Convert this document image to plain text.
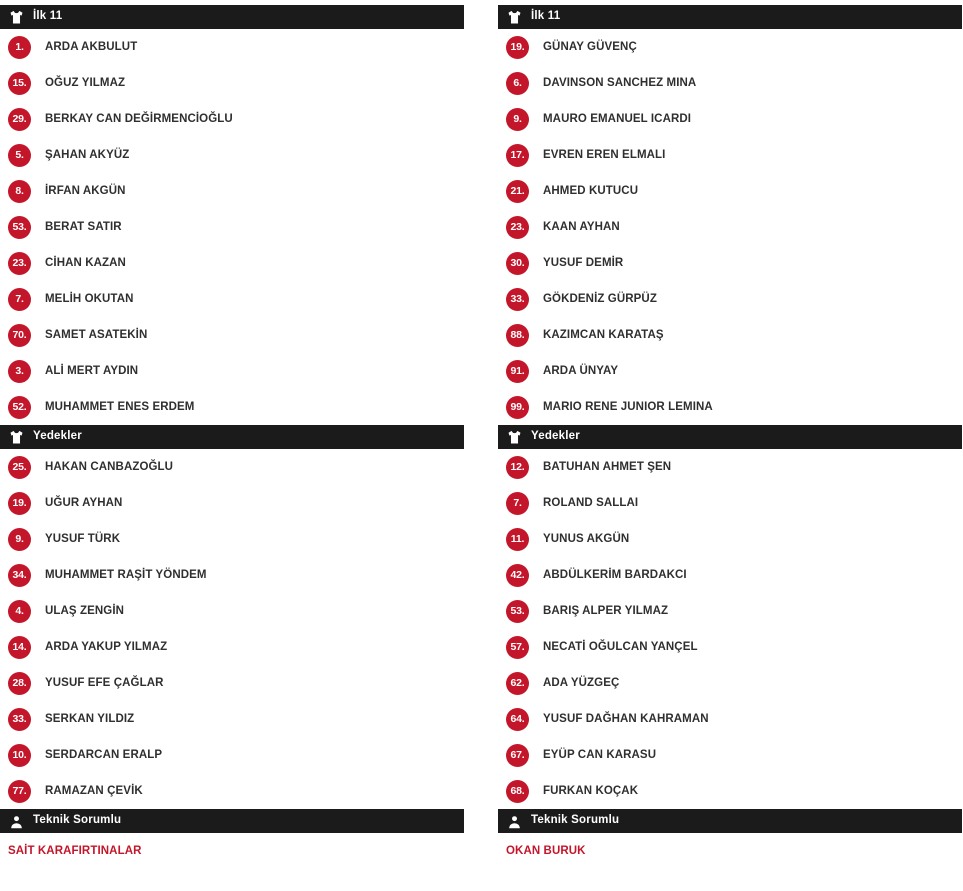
İlk 11
1.	ARDA AKBULUT
15.	OĞUZ YILMAZ
29.	BERKAY CAN DEĞİRMENCİOĞLU
5.	ŞAHAN AKYÜZ
8.	İRFAN AKGÜN
53.	BERAT SATIR
23.	CİHAN KAZAN
7.	MELİH OKUTAN
70.	SAMET ASATEKİN
3.	ALİ MERT AYDIN
52.	MUHAMMET ENES ERDEM
Yedekler
25.	HAKAN CANBAZOĞLU
19.	UĞUR AYHAN
9.	YUSUF TÜRK
34.	MUHAMMET RAŞİT YÖNDEM
4.	ULAŞ ZENGİN
14.	ARDA YAKUP YILMAZ
28.	YUSUF EFE ÇAĞLAR
33.	SERKAN YILDIZ
10.	SERDARCAN ERALP
77.	RAMAZAN ÇEVİK
Teknik Sorumlu
SAİT KARAFIRTINALAR
İlk 11
19.	GÜNAY GÜVENÇ
6.	DAVINSON SANCHEZ MINA
9.	MAURO EMANUEL ICARDI
17.	EVREN EREN ELMALI
21.	AHMED KUTUCU
23.	KAAN AYHAN
30.	YUSUF DEMİR
33.	GÖKDENİZ GÜRPÜZ
88.	KAZIMCAN KARATAŞ
91.	ARDA ÜNYAY
99.	MARIO RENE JUNIOR LEMINA
Yedekler
12.	BATUHAN AHMET ŞEN
7.	ROLAND SALLAI
11.	YUNUS AKGÜN
42.	ABDÜLKERİM BARDAKCI
53.	BARIŞ ALPER YILMAZ
57.	NECATİ OĞULCAN YANÇEL
62.	ADA YÜZGEÇ
64.	YUSUF DAĞHAN KAHRAMAN
67.	EYÜP CAN KARASU
68.	FURKAN KOÇAK
Teknik Sorumlu
OKAN BURUK
